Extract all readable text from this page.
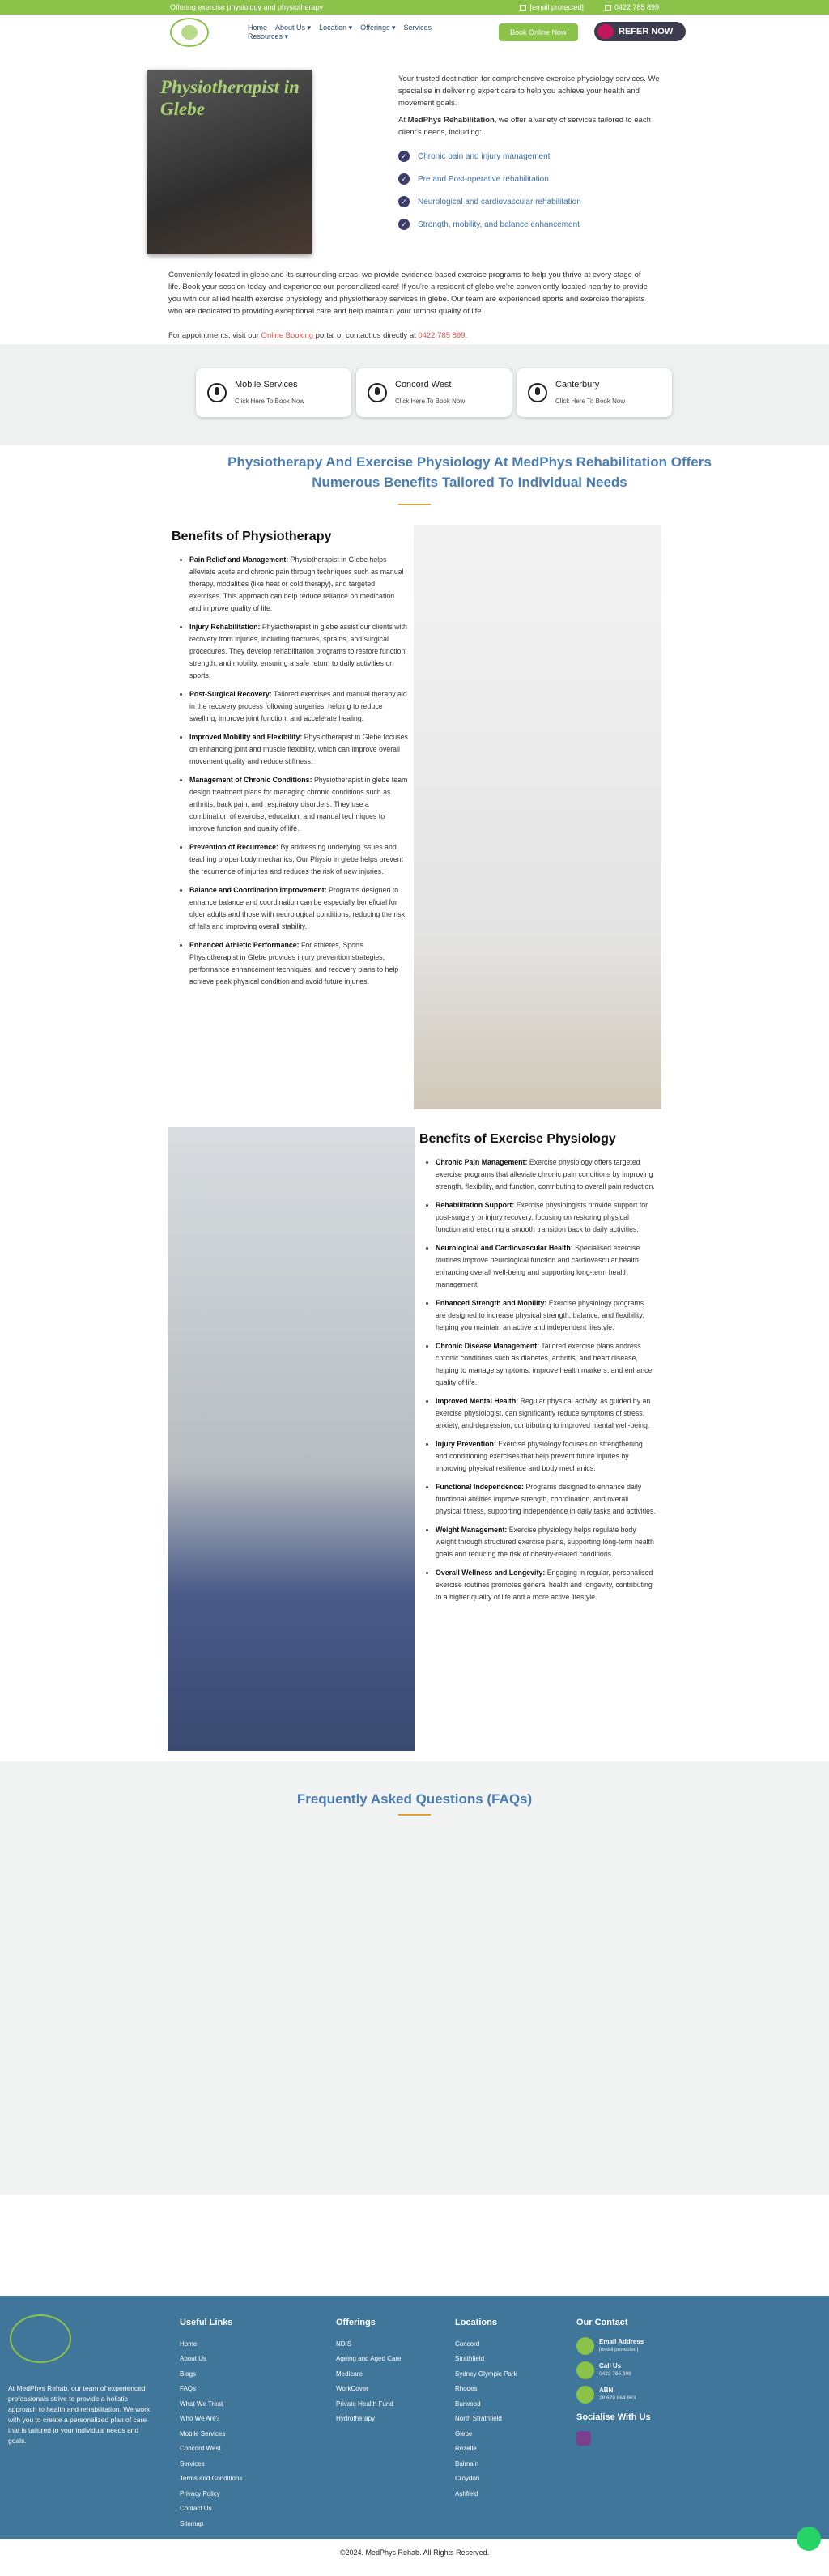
Offering exercise physiology and physiotherapy	[email protected]	0422 785 899
Home About Us ▾ Location ▾ Offerings ▾ Services
Resources ▾	Book Online Now	REFER NOW
Physiotherapist in Glebe

Your trusted destination for comprehensive exercise physiology services. We specialise in delivering expert care to help you achieve your health and movement goals.

At MedPhys Rehabilitation, we offer a variety of services tailored to each client's needs, including:

✓	Chronic pain and injury management
✓	Pre and Post-operative rehabilitation
✓	Neurological and cardiovascular rehabilitation
✓	Strength, mobility, and balance enhancement

Conveniently located in glebe and its surrounding areas, we provide evidence-based exercise programs to help you thrive at every stage of life. Book your session today and experience our personalized care! If you're a resident of glebe we're conveniently located nearby to provide you with our allied health exercise physiology and physiotherapy services in glebe. Our team are experienced sports and exercise therapists who are dedicated to providing exceptional care and help maintain your utmost quality of life.

For appointments, visit our Online Booking portal or contact us directly at 0422 785 899.

Mobile Services
Click Here To Book Now
Concord West
Click Here To Book Now
Canterbury
Click Here To Book Now
Physiotherapy And Exercise Physiology At MedPhys Rehabilitation Offers Numerous Benefits Tailored To Individual Needs
Benefits of Physiotherapy
• Pain Relief and Management: Physiotherapist in Glebe helps alleviate acute and chronic pain through techniques such as manual therapy, modalities (like heat or cold therapy), and targeted exercises. This approach can help reduce reliance on medication and improve quality of life.
• Injury Rehabilitation: Physiotherapist in glebe assist our clients with recovery from injuries, including fractures, sprains, and surgical procedures. They develop rehabilitation programs to restore function, strength, and mobility, ensuring a safe return to daily activities or sports.
• Post-Surgical Recovery: Tailored exercises and manual therapy aid in the recovery process following surgeries, helping to reduce swelling, improve joint function, and accelerate healing.
• Improved Mobility and Flexibility: Physiotherapist in Glebe focuses on enhancing joint and muscle flexibility, which can improve overall movement quality and reduce stiffness.
• Management of Chronic Conditions: Physiotherapist in glebe team design treatment plans for managing chronic conditions such as arthritis, back pain, and respiratory disorders. They use a combination of exercise, education, and manual techniques to improve function and quality of life.
• Prevention of Recurrence: By addressing underlying issues and teaching proper body mechanics, Our Physio in glebe helps prevent the recurrence of injuries and reduces the risk of new injuries.
• Balance and Coordination Improvement: Programs designed to enhance balance and coordination can be especially beneficial for older adults and those with neurological conditions, reducing the risk of falls and improving overall stability.
• Enhanced Athletic Performance: For athletes, Sports Physiotherapist in Glebe provides injury prevention strategies, performance enhancement techniques, and recovery plans to help achieve peak physical condition and avoid future injuries.
Benefits of Exercise Physiology
• Chronic Pain Management: Exercise physiology offers targeted exercise programs that alleviate chronic pain conditions by improving strength, flexibility, and function, contributing to overall pain reduction.
• Rehabilitation Support: Exercise physiologists provide support for post-surgery or injury recovery, focusing on restoring physical function and ensuring a smooth transition back to daily activities.
• Neurological and Cardiovascular Health: Specialised exercise routines improve neurological function and cardiovascular health, enhancing overall well-being and supporting long-term health management.
• Enhanced Strength and Mobility: Exercise physiology programs are designed to increase physical strength, balance, and flexibility, helping you maintain an active and independent lifestyle.
• Chronic Disease Management: Tailored exercise plans address chronic conditions such as diabetes, arthritis, and heart disease, helping to manage symptoms, improve health markers, and enhance quality of life.
• Improved Mental Health: Regular physical activity, as guided by an exercise physiologist, can significantly reduce symptoms of stress, anxiety, and depression, contributing to improved mental well-being.
• Injury Prevention: Exercise physiology focuses on strengthening and conditioning exercises that help prevent future injuries by improving physical resilience and body mechanics.
• Functional Independence: Programs designed to enhance daily functional abilities improve strength, coordination, and overall physical fitness, supporting independence in daily tasks and activities.
• Weight Management: Exercise physiology helps regulate body weight through structured exercise plans, supporting long-term health goals and reducing the risk of obesity-related conditions.
• Overall Wellness and Longevity: Engaging in regular, personalised exercise routines promotes general health and longevity, contributing to a higher quality of life and a more active lifestyle.
Frequently Asked Questions (FAQs)

At MedPhys Rehab, our team of experienced professionals strive to provide a holistic approach to health and rehabilitation. We work with you to create a personalized plan of care that is tailored to your individual needs and goals.

Useful Links
Home
About Us
Blogs
FAQs
What We Treat
Who We Are?
Mobile Services
Concord West
Services
Terms and Conditions
Privacy Policy
Contact Us
Sitemap
Offerings
NDIS
Ageing and Aged Care
Medicare
WorkCover
Private Health Fund
Hydrotherapy
Locations
Concord
Strathfield
Sydney Olympic Park
Rhodes
Burwood
North Strathfield
Glebe
Rozelle
Balmain
Croydon
Ashfield
Our Contact
Email Address
[email protected]
Call Us
0422 785 899
ABN
28 679 864 963
Socialise With Us
©2024. MedPhys Rehab. All Rights Reserved.
